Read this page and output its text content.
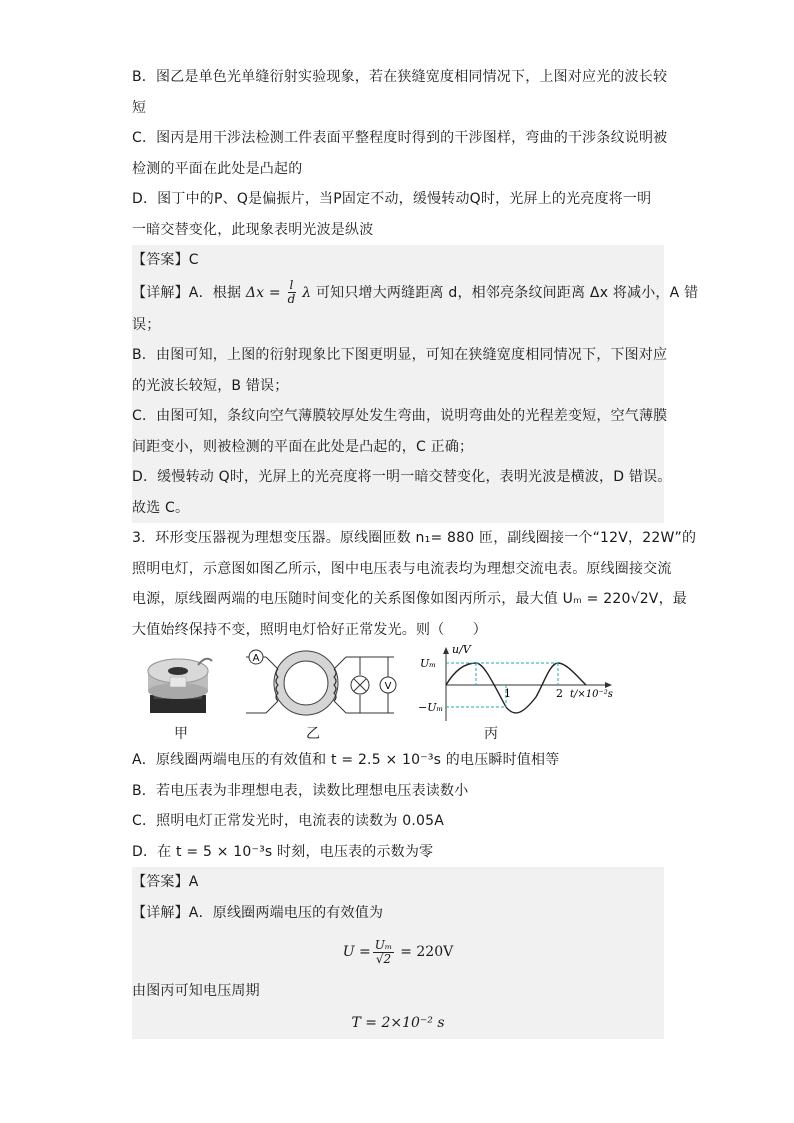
B．图乙是单色光单缝衍射实验现象，若在狭缝宽度相同情况下，上图对应光的波长较
短
C．图丙是用干涉法检测工件表面平整程度时得到的干涉图样，弯曲的干涉条纹说明被
检测的平面在此处是凸起的
D．图丁中的P、Q是偏振片，当P固定不动，缓慢转动Q时，光屏上的光亮度将一明
一暗交替变化，此现象表明光波是纵波
【答案】C
【详解】A．根据 $\Delta x = \frac{l}{d}$ λ 可知只增大两缝距离 d，相邻亮条纹间距离 Δx 将减小，A 错
误；
B．由图可知，上图的衍射现象比下图更明显，可知在狭缝宽度相同情况下，下图对应
的光波长较短，B 错误；
C．由图可知，条纹向空气薄膜较厚处发生弯曲，说明弯曲处的光程差变短，空气薄膜
间距变小，则被检测的平面在此处是凸起的，C 正确；
D．缓慢转动 Q时，光屏上的光亮度将一明一暗交替变化，表明光波是横波，D 错误。
故选 C。
3．环形变压器视为理想变压器。原线圈匝数 n₁= 880 匝，副线圈接一个“12V，22W”的
照明电灯，示意图如图乙所示，图中电压表与电流表均为理想交流电表。原线圈接交流
电源，原线圈两端的电压随时间变化的关系图像如图丙所示，最大值 Uₘ = 220√2V，最
大值始终保持不变，照明电灯恰好正常发光。则（　　）
A
V
u/V
Uₘ
−Uₘ
1	2 t/×10⁻²s
甲	乙	丙
A．原线圈两端电压的有效值和 t = 2.5 × 10⁻³s 的电压瞬时值相等
B．若电压表为非理想电表，读数比理想电压表读数小
C．照明电灯正常发光时，电流表的读数为 0.05A
D．在 t = 5 × 10⁻³s 时刻，电压表的示数为零
【答案】A
【详解】A．原线圈两端电压的有效值为
$U = \frac{\text{Uₘ}}{√2} = 220V$
由图丙可知电压周期
T = 2×10⁻² s
